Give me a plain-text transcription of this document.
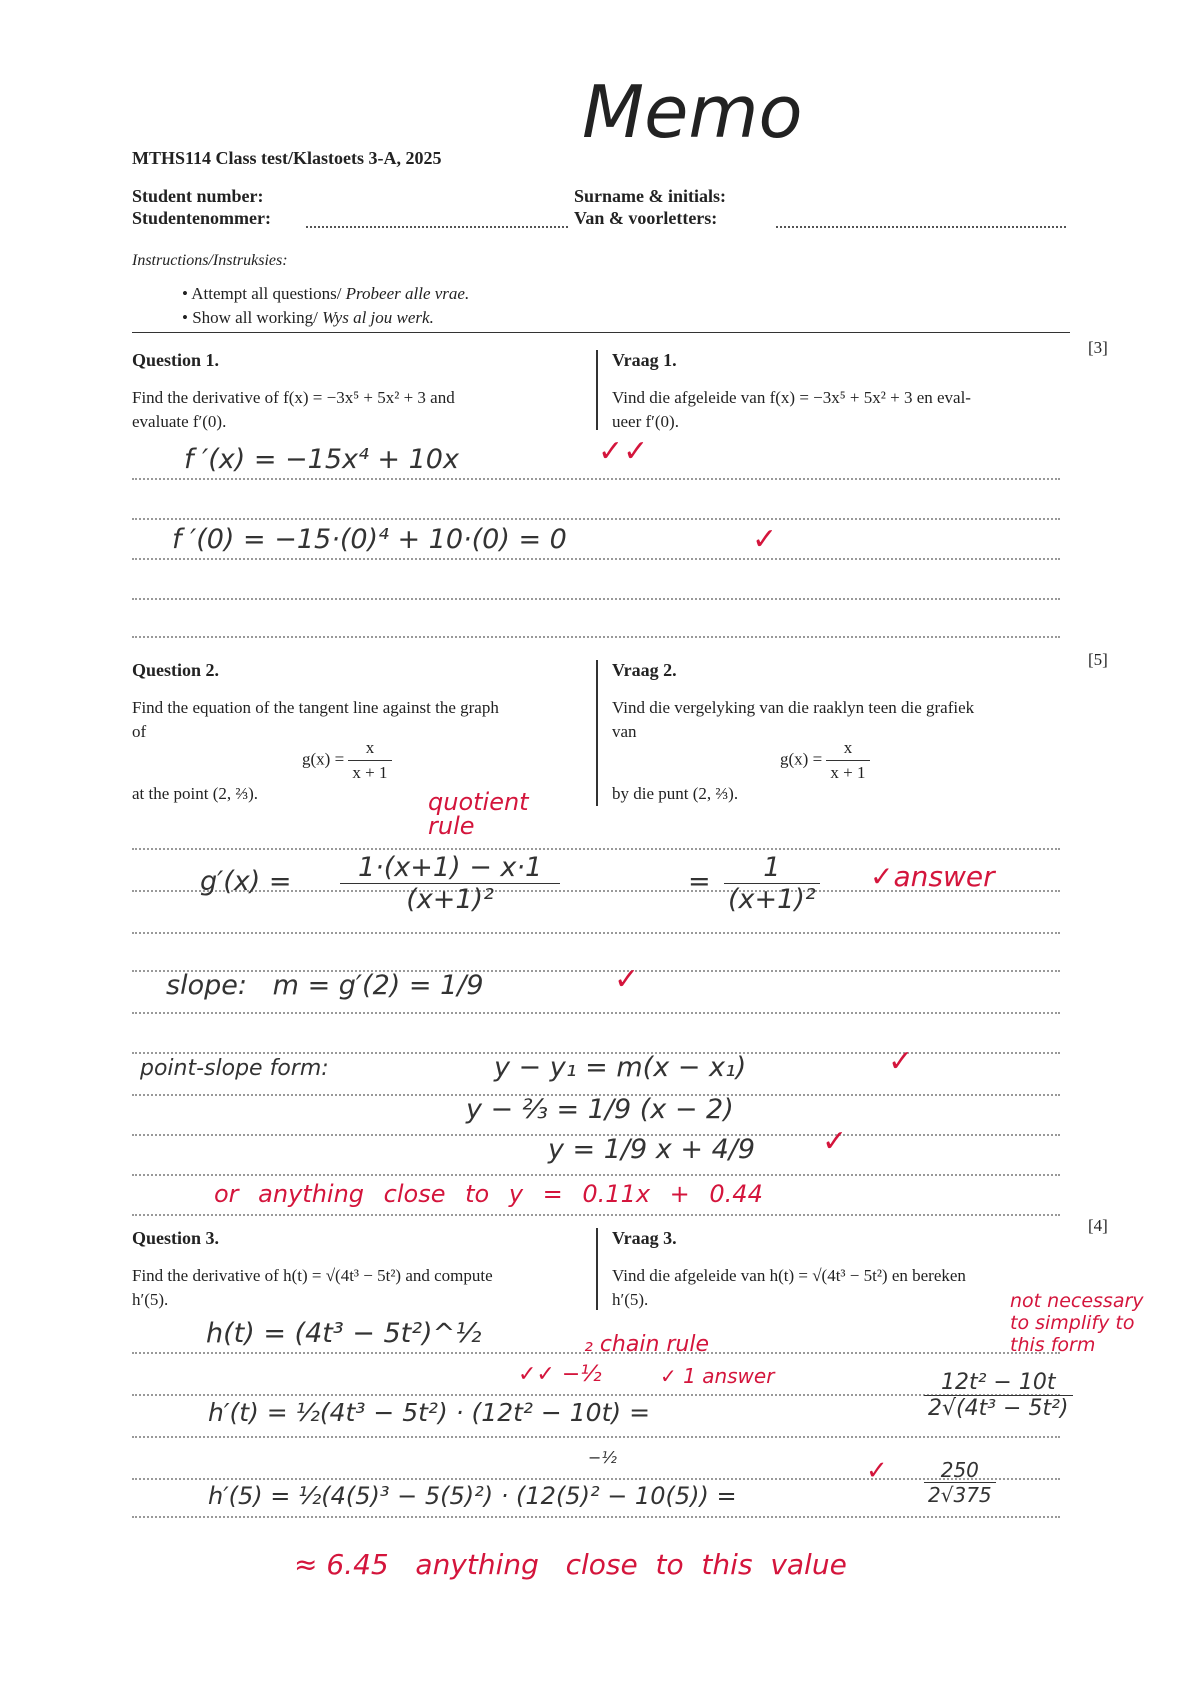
Memo
MTHS114 Class test/Klastoets 3-A, 2025
Student number:
Studentenommer:
Surname & initials:
Van & voorletters:
Instructions/Instruksies:
• Attempt all questions/ Probeer alle vrae.
• Show all working/ Wys al jou werk.
Question 1.	Vraag 1.
[3]
Find the derivative of f(x) = −3x⁵ + 5x² + 3 and
evaluate f′(0).
Vind die afgeleide van f(x) = −3x⁵ + 5x² + 3 en eval-
ueer f′(0).
f ′(x) = −15x⁴ + 10x	✓✓
f ′(0) = −15·(0)⁴ + 10·(0) = 0	✓
Question 2.	Vraag 2.
[5]
Find the equation of the tangent line against the graph
of
$g(x) = \frac{x}{x + 1}$
at the point (2, ⅔).
Vind die vergelyking van die raaklyn teen die grafiek
van
$g(x) = \frac{x}{x + 1}$
by die punt (2, ⅔).
quotient rule
$g'(x) = \frac{1\cdot(x+1) - x\cdot 1}{\text{(x+1)²}}$	= $\frac{1}{\text{(x+1)²}}$ ✓answer
slope:   m = g′(2) = 1/9	✓
point-slope form:	y − y₁ = m(x − x₁)	✓
y − ⅔ = 1/9 (x − 2)
y = 1/9 x + 4/9 ✓
or anything close to y = 0.11x + 0.44
Question 3.	Vraag 3.
[4]
Find the derivative of h(t) = √(4t³ − 5t²) and compute
h′(5).
Vind die afgeleide van h(t) = √(4t³ − 5t²) en bereken
h′(5).
h(t) = (4t³ − 5t²)^½	₂ chain rule
✓✓ −½	✓ 1 answer
not necessary to simplify to this form
h′(t) = ½(4t³ − 5t²) · (12t² − 10t) =	$\frac{\text{12t² − 10t}}{\text{2√(4t³ − 5t²)}}$
−½
h′(5) = ½(4(5)³ − 5(5)²) · (12(5)² − 10(5)) =
✓ $\frac{250}{2√375}$
≈ 6.45   anything   close  to  this  value
